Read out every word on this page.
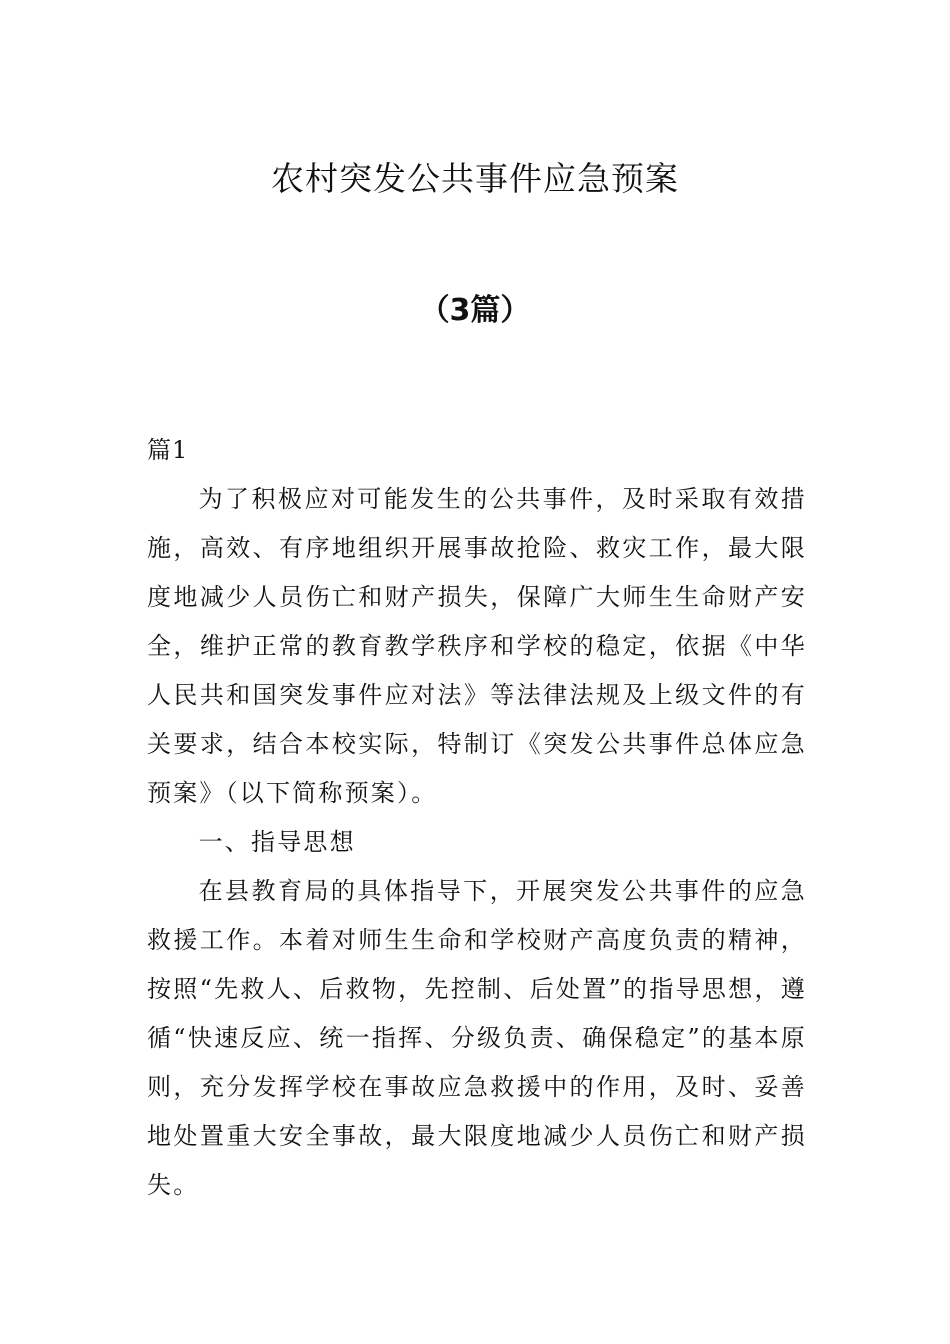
农村突发公共事件应急预案
（3篇）

篇1

为了积极应对可能发生的公共事件，及时采取有效措施，高效、有序地组织开展事故抢险、救灾工作，最大限度地减少人员伤亡和财产损失，保障广大师生生命财产安全，维护正常的教育教学秩序和学校的稳定，依据《中华人民共和国突发事件应对法》等法律法规及上级文件的有关要求，结合本校实际，特制订《突发公共事件总体应急预案》（以下简称预案）。

一、指导思想

在县教育局的具体指导下，开展突发公共事件的应急救援工作。本着对师生生命和学校财产高度负责的精神，按照“先救人、后救物，先控制、后处置”的指导思想，遵循“快速反应、统一指挥、分级负责、确保稳定”的基本原则，充分发挥学校在事故应急救援中的作用，及时、妥善地处置重大安全事故，最大限度地减少人员伤亡和财产损失。
